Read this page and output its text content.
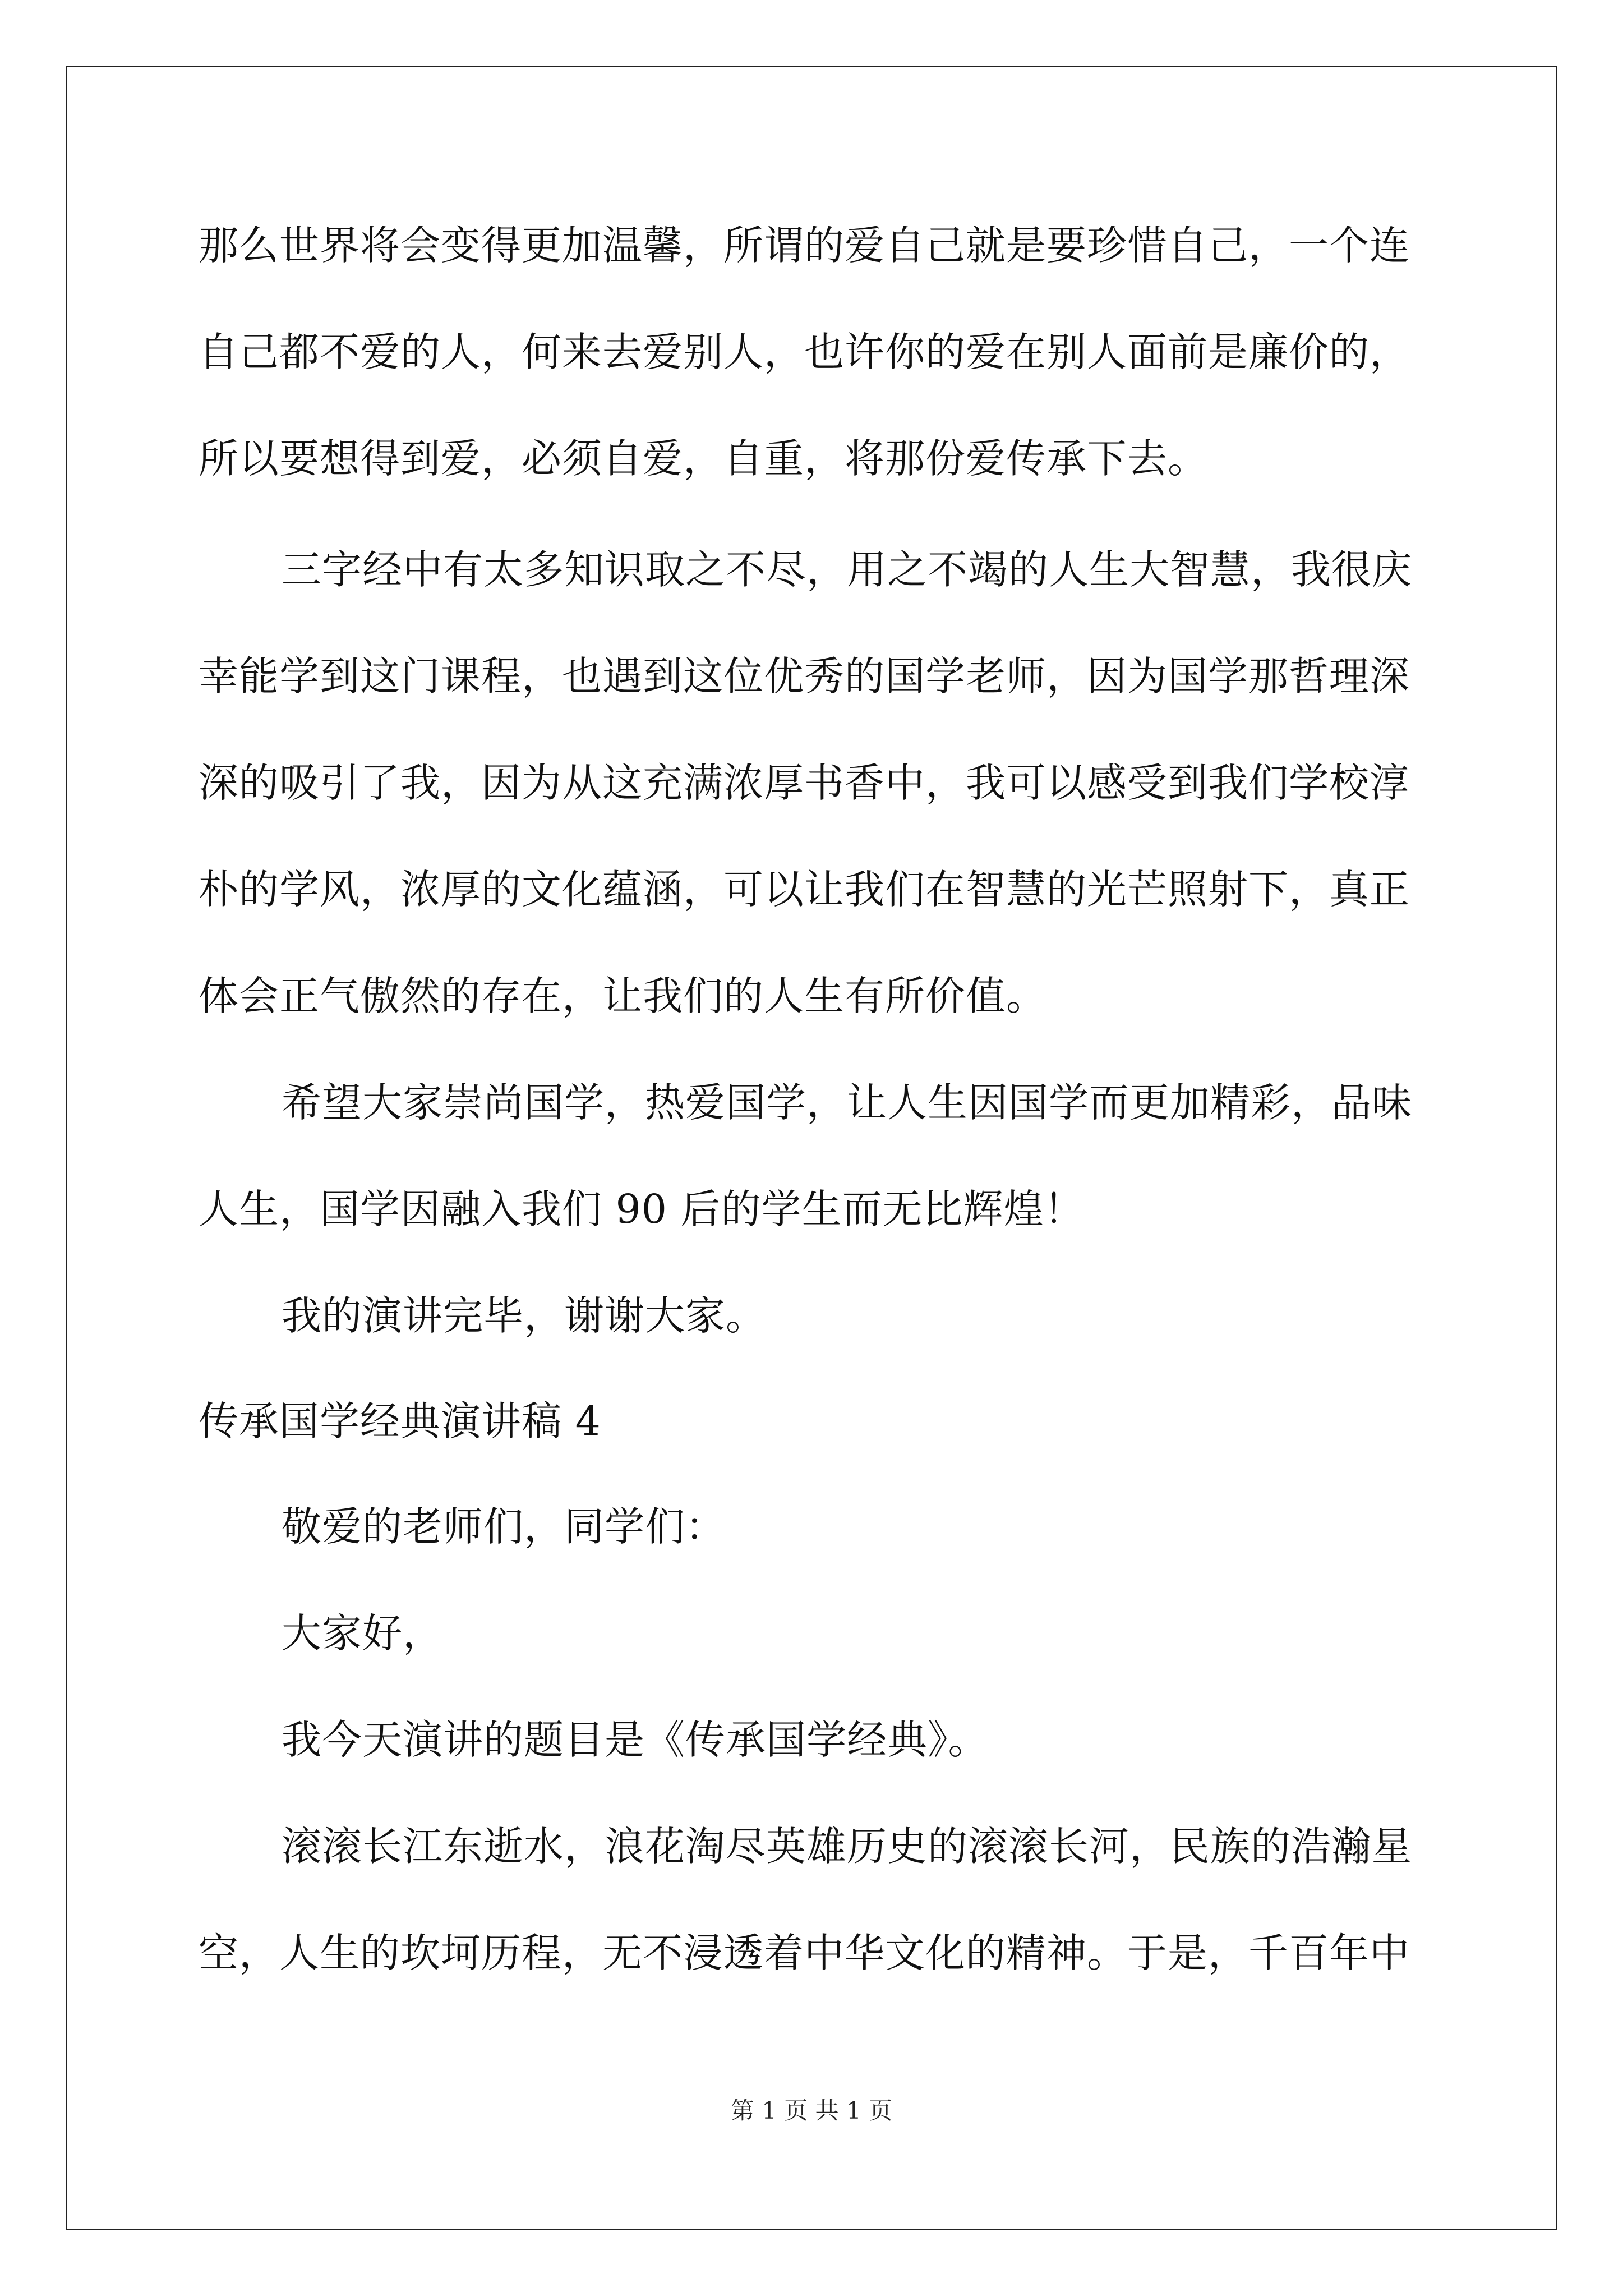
那么世界将会变得更加温馨，所谓的爱自己就是要珍惜自己，一个连
自己都不爱的人，何来去爱别人，也许你的爱在别人面前是廉价的，
所以要想得到爱，必须自爱，自重，将那份爱传承下去。
三字经中有太多知识取之不尽，用之不竭的人生大智慧，我很庆
幸能学到这门课程，也遇到这位优秀的国学老师，因为国学那哲理深
深的吸引了我，因为从这充满浓厚书香中，我可以感受到我们学校淳
朴的学风，浓厚的文化蕴涵，可以让我们在智慧的光芒照射下，真正
体会正气傲然的存在，让我们的人生有所价值。
希望大家崇尚国学，热爱国学，让人生因国学而更加精彩，品味
人生，国学因融入我们 90 后的学生而无比辉煌！
我的演讲完毕，谢谢大家。
传承国学经典演讲稿 4
敬爱的老师们，同学们：
大家好，
我今天演讲的题目是《传承国学经典》。
滚滚长江东逝水，浪花淘尽英雄历史的滚滚长河，民族的浩瀚星
空，人生的坎坷历程，无不浸透着中华文化的精神。于是，千百年中
第 1 页 共 1 页
